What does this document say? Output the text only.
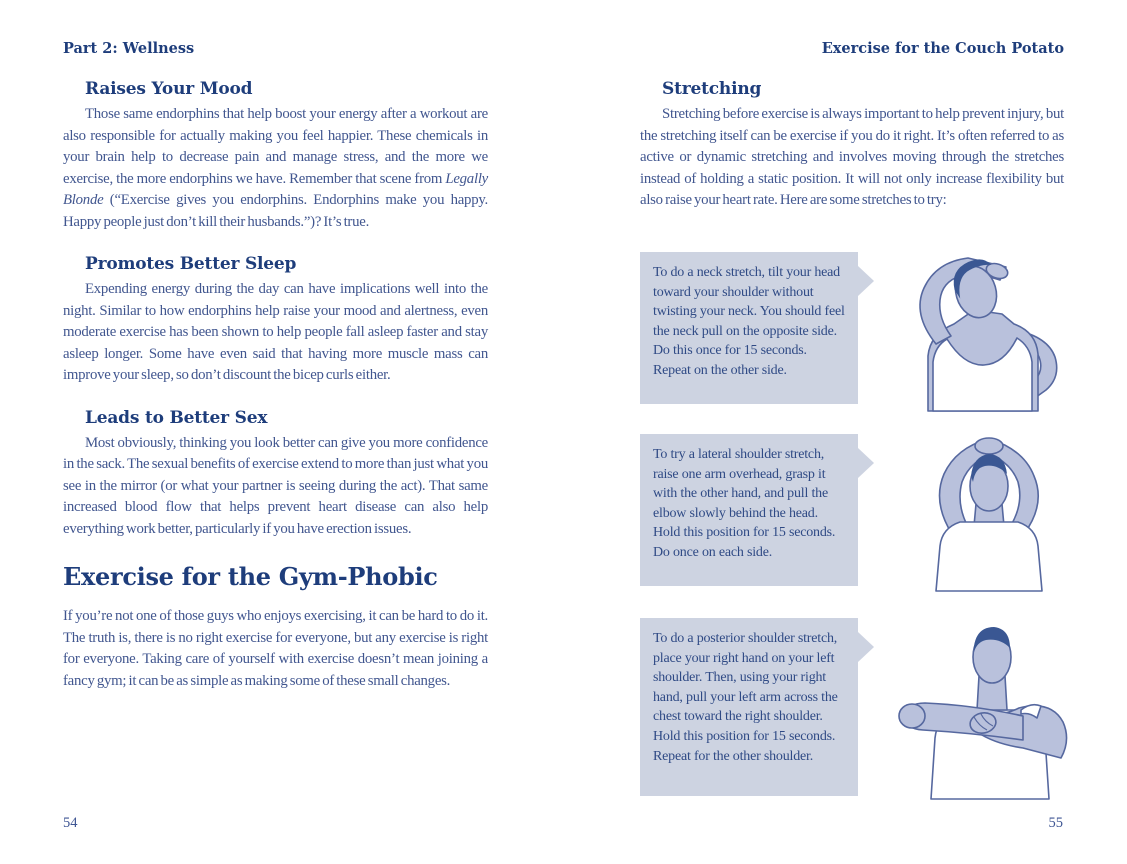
Part 2: Wellness
Raises Your Mood

Those same endorphins that help boost your energy after a workout are also responsible for actually making you feel happier. These chemicals in your brain help to decrease pain and manage stress, and the more we exercise, the more endorphins we have. Remember that scene from Legally Blonde (“Exercise gives you endorphins. Endorphins make you happy. Happy people just don’t kill their husbands.”)? It’s true.

Promotes Better Sleep

Expending energy during the day can have implications well into the night. Similar to how endorphins help raise your mood and alertness, even moderate exercise has been shown to help people fall asleep faster and stay asleep longer. Some have even said that having more muscle mass can improve your sleep, so don’t discount the bicep curls either.

Leads to Better Sex

Most obviously, thinking you look better can give you more confidence in the sack. The sexual benefits of exercise extend to more than just what you see in the mirror (or what your partner is seeing during the act). That same increased blood flow that helps prevent heart disease can also help everything work better, particularly if you have erection issues.

Exercise for the Gym-Phobic

If you’re not one of those guys who enjoys exercising, it can be hard to do it. The truth is, there is no right exercise for everyone, but any exercise is right for everyone. Taking care of yourself with exercise doesn’t mean joining a fancy gym; it can be as simple as making some of these small changes.

54
Exercise for the Couch Potato
Stretching

Stretching before exercise is always important to help prevent injury, but the stretching itself can be exercise if you do it right. It’s often referred to as active or dynamic stretching and involves moving through the stretches instead of holding a static position. It will not only increase flexibility but also raise your heart rate. Here are some stretches to try:

To do a neck stretch, tilt your head toward your shoulder without twisting your neck. You should feel the neck pull on the opposite side. Do this once for 15 seconds. Repeat on the other side.
To try a lateral shoulder stretch, raise one arm overhead, grasp it with the other hand, and pull the elbow slowly behind the head. Hold this position for 15 seconds. Do once on each side.
To do a posterior shoulder stretch, place your right hand on your left shoulder. Then, using your right hand, pull your left arm across the chest toward the right shoulder. Hold this position for 15 seconds. Repeat for the other shoulder.
55
